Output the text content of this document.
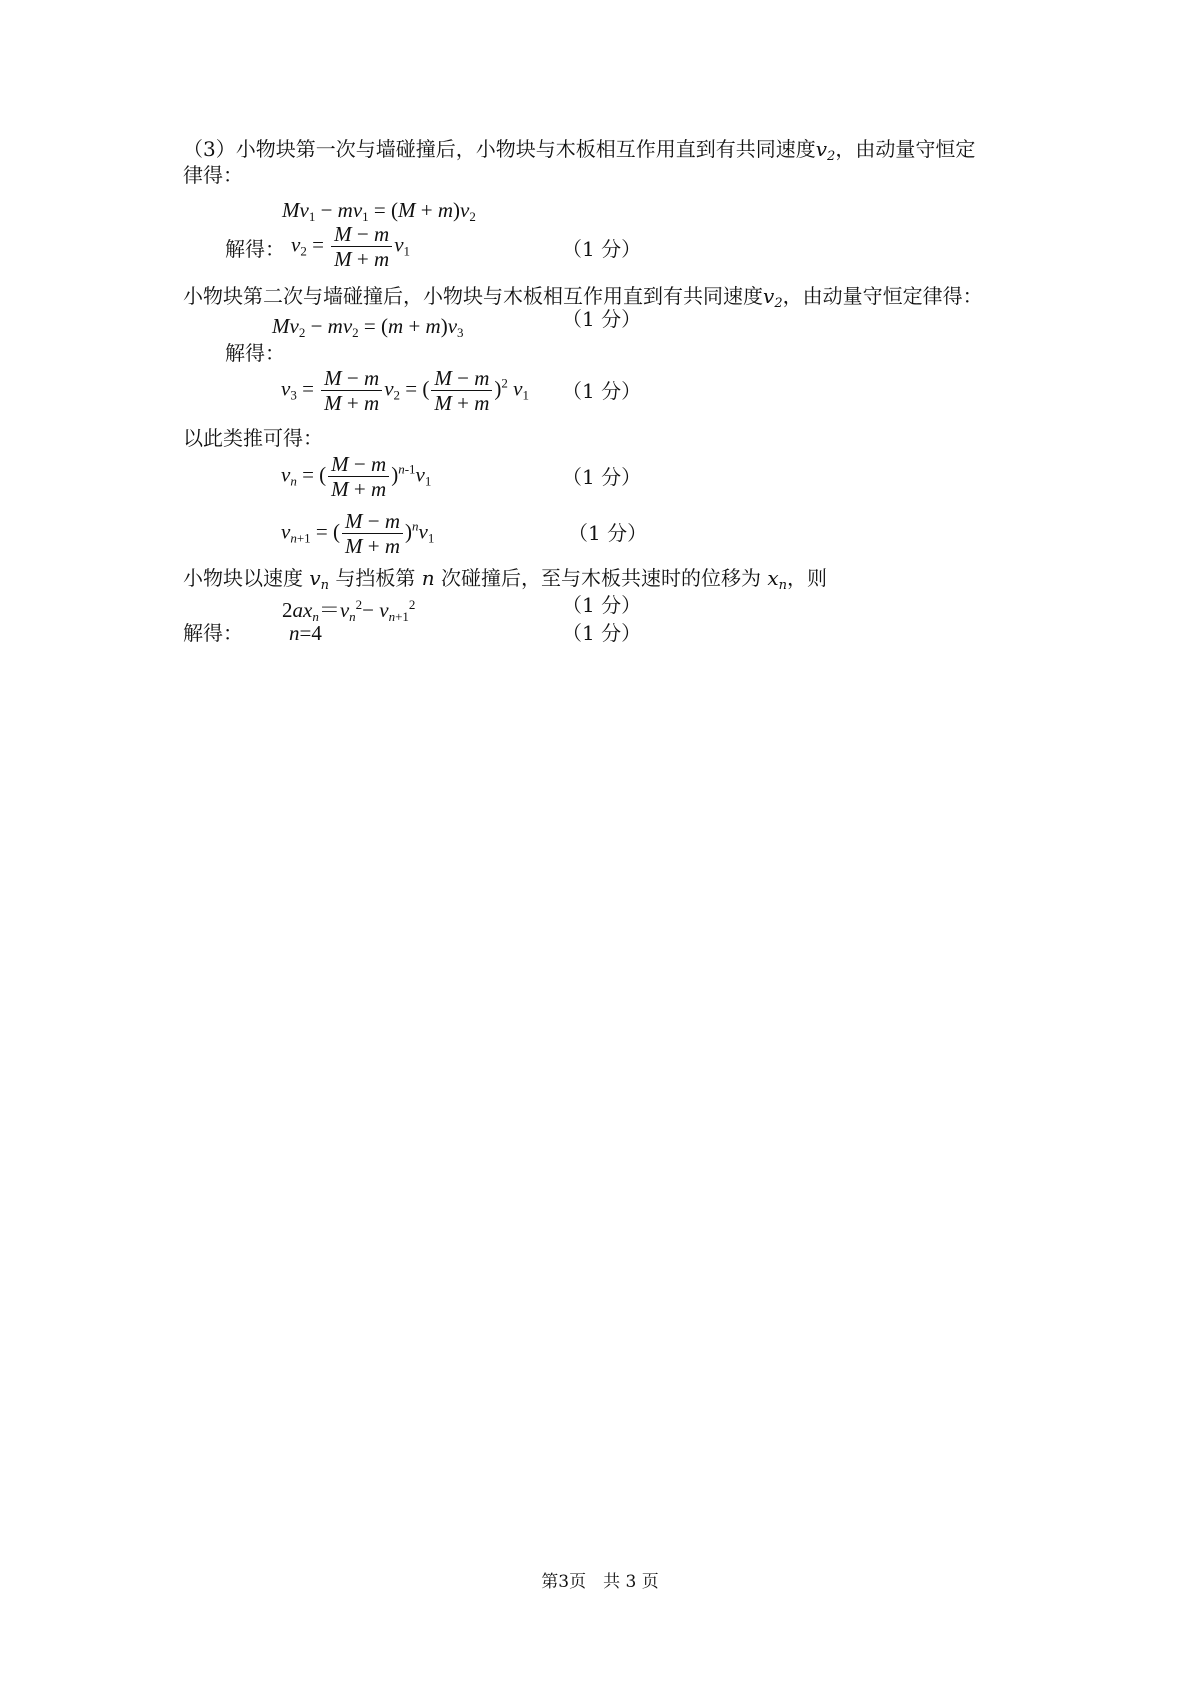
（3）小物块第一次与墙碰撞后，小物块与木板相互作用直到有共同速度$v_2$，由动量守恒定
律得：
$Mv_1 - mv_1 = (M + m)v_2$
解得： $v_2 = \frac{M - m}{M + m} v_1$	（1 分）
小物块第二次与墙碰撞后，小物块与木板相互作用直到有共同速度$v_2$，由动量守恒定律得：
$Mv_2 - mv_2 = (m + m)v_3$
（1 分）
解得：
$v_3 = \frac{M - m}{M + m} v_2$ = ( $\frac{M - m}{M + m} )^2$ $v_1$ （1 分）
以此类推可得：
$v_n$ = ( $\frac{M - m}{M + m} )^{n-1}v_1$	（1 分）
$v_{n+1}$ = ( $\frac{M - m}{M + m} )^nv_1$	（1 分）
小物块以速度 $v_n$ 与挡板第 n 次碰撞后，至与木板共速时的位移为 $x_n$，则
$2ax_n=v_n^2- v_{n+1}^2$	（1 分）
解得： n=4	（1 分）
第3页　共 3 页
